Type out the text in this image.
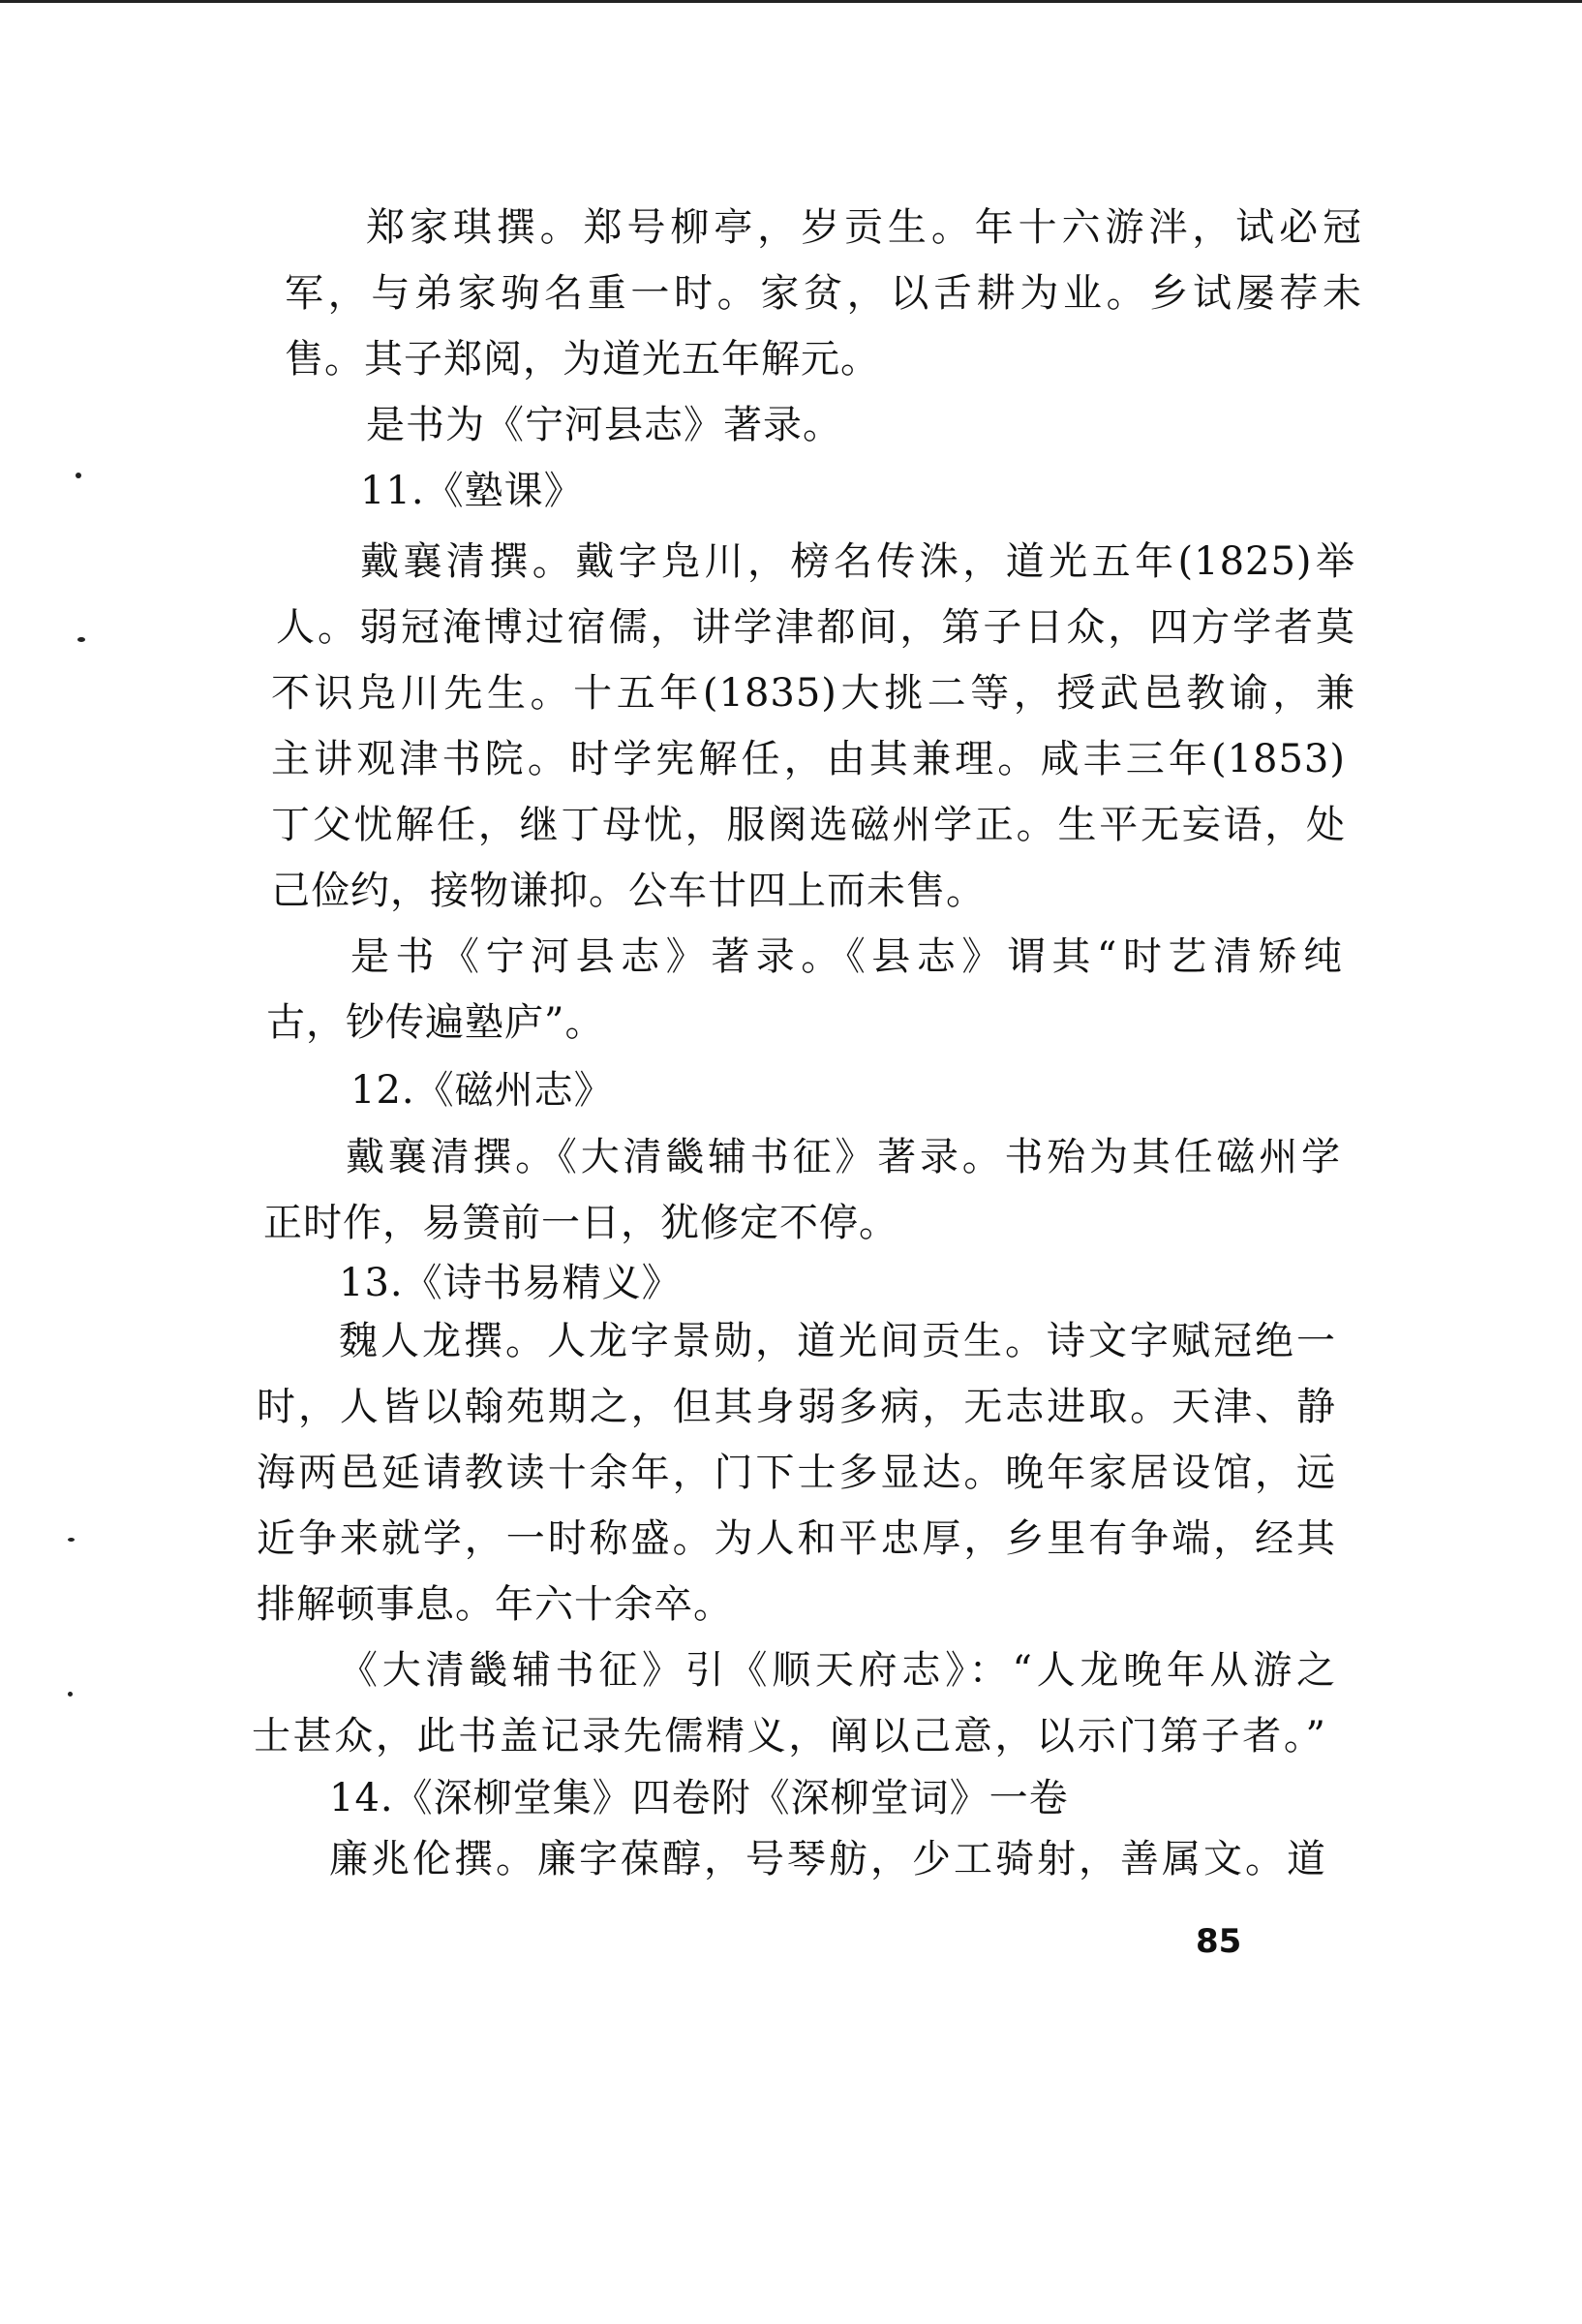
郑家琪撰。郑号柳亭，岁贡生。年十六游泮，试必冠
军，与弟家驹名重一时。家贫，以舌耕为业。乡试屡荐未
售。其子郑阅，为道光五年解元。
是书为《宁河县志》著录。
11.《塾课》
戴襄清撰。戴字凫川，榜名传洙，道光五年(1825)举
人。弱冠淹博过宿儒，讲学津都间，第子日众，四方学者莫
不识凫川先生。十五年(1835)大挑二等，授武邑教谕，兼
主讲观津书院。时学宪解任，由其兼理。咸丰三年(1853)
丁父忧解任，继丁母忧，服阕选磁州学正。生平无妄语，处
己俭约，接物谦抑。公车廿四上而未售。
是书《宁河县志》著录。《县志》谓其“时艺清矫纯
古，钞传遍塾庐”。
12.《磁州志》
戴襄清撰。《大清畿辅书征》著录。书殆为其任磁州学
正时作，易箦前一日，犹修定不停。
13.《诗书易精义》
魏人龙撰。人龙字景勋，道光间贡生。诗文字赋冠绝一
时，人皆以翰苑期之，但其身弱多病，无志进取。天津、静
海两邑延请教读十余年，门下士多显达。晚年家居设馆，远
近争来就学，一时称盛。为人和平忠厚，乡里有争端，经其
排解顿事息。年六十余卒。
《大清畿辅书征》引《顺天府志》：“人龙晚年从游之
士甚众，此书盖记录先儒精义，阐以己意，以示门第子者。”
14.《深柳堂集》四卷附《深柳堂词》一卷
廉兆伦撰。廉字葆醇，号琴舫，少工骑射，善属文。道
85
